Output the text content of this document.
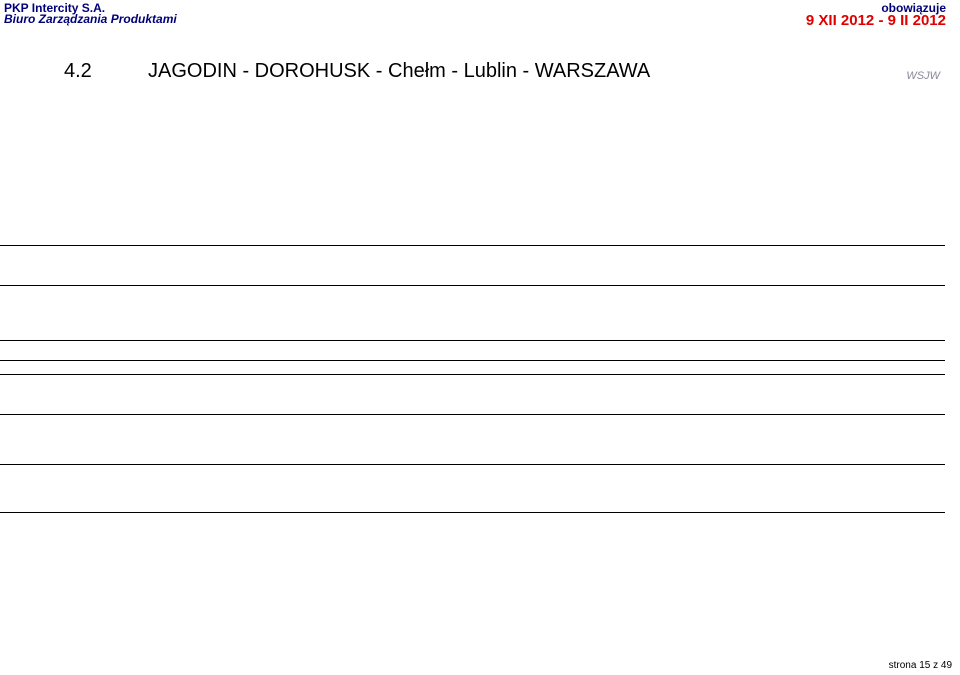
PKP Intercity S.A.
Biuro Zarządzania Produktami
obowiązuje
9 XII 2012 - 9 II 2012
4.2	JAGODIN - DOROHUSK - Chełm - Lublin - WARSZAWA	WSJW
strona 15 z 49
